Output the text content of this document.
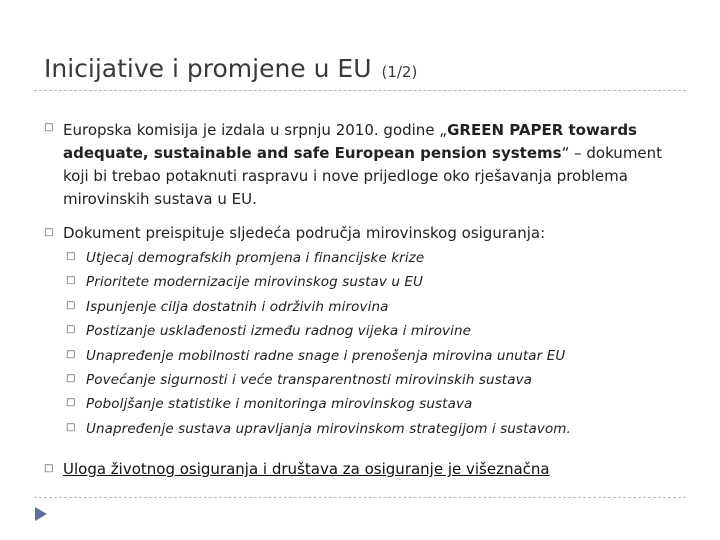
Inicijative i promjene u EU (1/2)
□ Europska komisija je izdala u srpnju 2010. godine „GREEN PAPER towards adequate, sustainable and safe European pension systems“ – dokument koji bi trebao potaknuti raspravu i nove prijedloge oko rješavanja problema mirovinskih sustava u EU.

□ Dokument preispituje sljedeća područja mirovinskog osiguranja:

□ Utjecaj demografskih promjena i financijske krize
□ Prioritete modernizacije mirovinskog sustav u EU
□ Ispunjenje cilja dostatnih i održivih mirovina
□ Postizanje usklađenosti između radnog vijeka i mirovine
□ Unapređenje mobilnosti radne snage i prenošenja mirovina unutar EU
□ Povećanje sigurnosti i veće transparentnosti mirovinskih sustava
□ Poboljšanje statistike i monitoringa mirovinskog sustava
□ Unapređenje sustava upravljanja mirovinskom strategijom i sustavom.
□ Uloga životnog osiguranja i društava za osiguranje je višeznačna
